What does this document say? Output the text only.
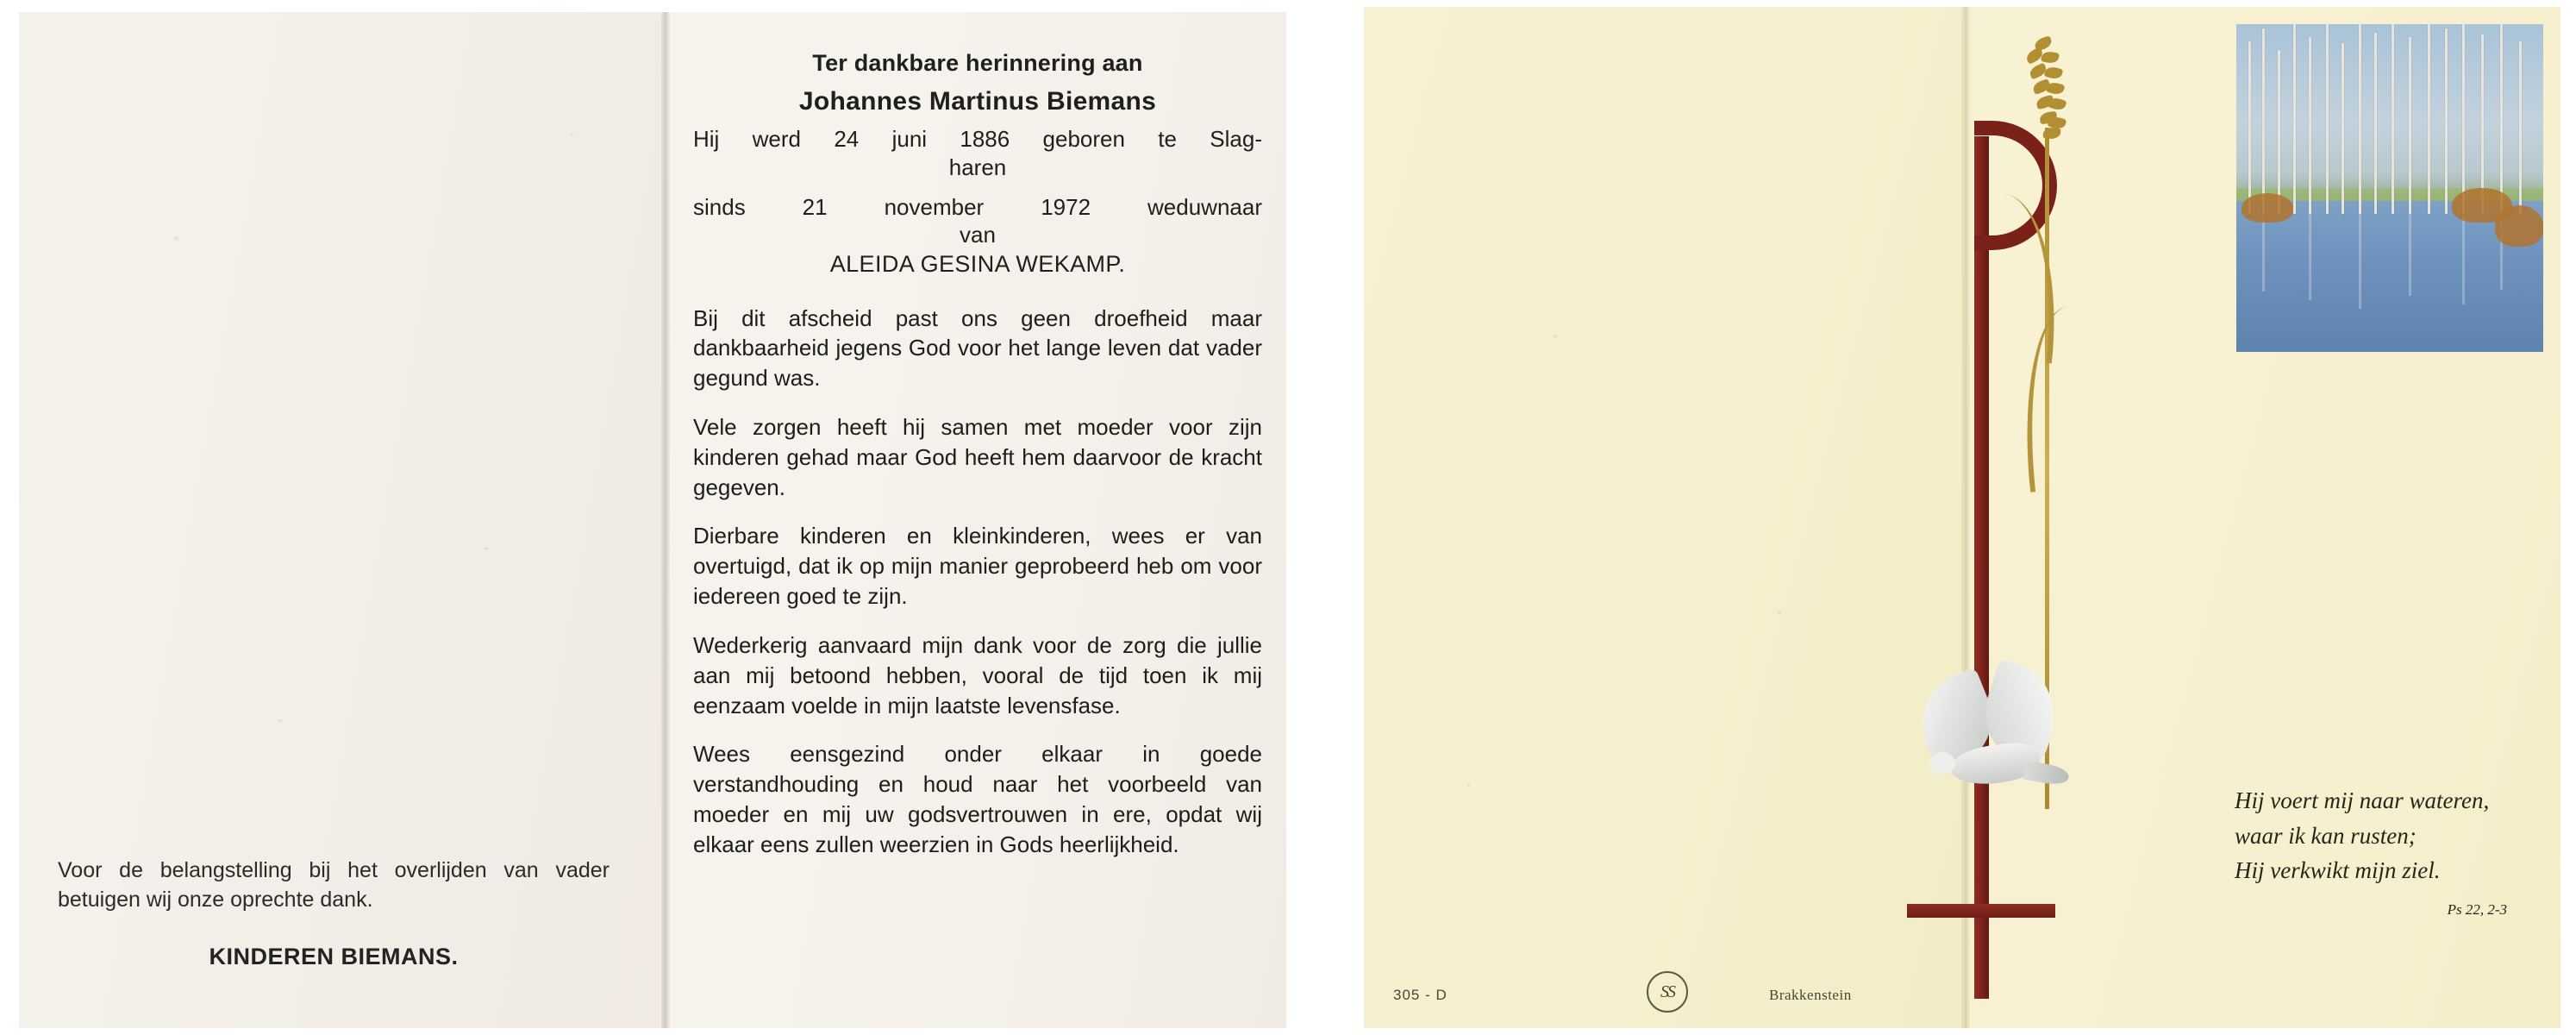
Voor de belangstelling bij het overlijden van vader betuigen wij onze oprechte dank.
KINDEREN BIEMANS.
Ter dankbare herinnering aan
Johannes Martinus Biemans
Hij werd 24 juni 1886 geboren te Slag-
haren
sinds 21 november 1972 weduwnaar
van
ALEIDA GESINA WEKAMP.
Bij dit afscheid past ons geen droefheid maar dankbaarheid jegens God voor het lange leven dat vader gegund was.
Vele zorgen heeft hij samen met moeder voor zijn kinderen gehad maar God heeft hem daarvoor de kracht gegeven.
Dierbare kinderen en kleinkinderen, wees er van overtuigd, dat ik op mijn manier geprobeerd heb om voor iedereen goed te zijn.
Wederkerig aanvaard mijn dank voor de zorg die jullie aan mij betoond hebben, vooral de tijd toen ik mij eenzaam voelde in mijn laatste levensfase.
Wees eensgezind onder elkaar in goede verstandhouding en houd naar het voorbeeld van moeder en mij uw godsvertrouwen in ere, opdat wij elkaar eens zullen weerzien in Gods heerlijkheid.
305 - D	SS	Brakkenstein
Hij voert mij naar wateren,
waar ik kan rusten;
Hij verkwikt mijn ziel.
Ps 22, 2-3
